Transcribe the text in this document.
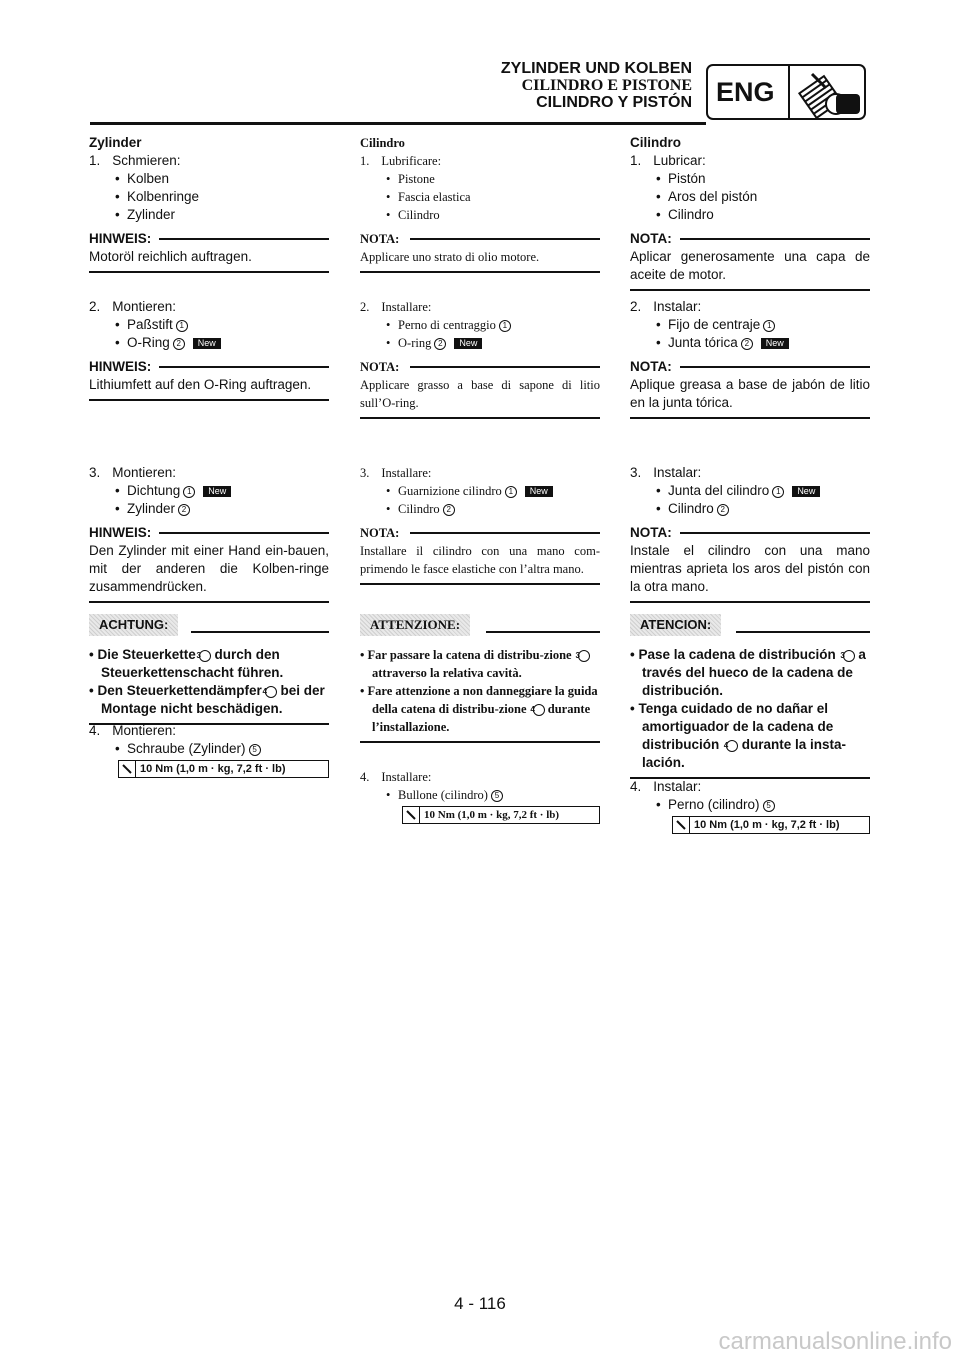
ZYLINDER UND KOLBEN
CILINDRO E PISTONE
CILINDRO Y PISTÓN ENG
Zylinder
1. Schmieren:
• Kolben
• Kolbenringe
• Zylinder
HINWEIS:
Motoröl reichlich auftragen.
2. Montieren:
• Paßstift 1
• O-Ring 2 New
HINWEIS:
Lithiumfett auf den O-Ring auftragen.
3. Montieren:
• Dichtung 1 New
• Zylinder 2
HINWEIS:
Den Zylinder mit einer Hand ein-bauen, mit der anderen die Kolben-ringe zusammendrücken.
ACHTUNG:
• Die Steuerkette3 durch den Steuerkettenschacht führen.
• Den Steuerkettendämpfer4 bei der Montage nicht beschädigen.
4. Montieren:
• Schraube (Zylinder) 5
10 Nm (1,0 m · kg, 7,2 ft · lb)
Cilindro
1. Lubrificare:
• Pistone
• Fascia elastica
• Cilindro
NOTA:
Applicare uno strato di olio motore.
2. Installare:
• Perno di centraggio 1
• O-ring 2 New
NOTA:
Applicare grasso a base di sapone di litio sull’O-ring.
3. Installare:
• Guarnizione cilindro 1 New
• Cilindro 2
NOTA:
Installare il cilindro con una mano com-primendo le fasce elastiche con l’altra mano.
ATTENZIONE:
• Far passare la catena di distribu-zione 3 attraverso la relativa cavità.
• Fare attenzione a non danneggiare la guida della catena di distribu-zione 4 durante l’installazione.
4. Installare:
• Bullone (cilindro) 5
10 Nm (1,0 m · kg, 7,2 ft · lb)
Cilindro
1. Lubricar:
• Pistón
• Aros del pistón
• Cilindro
NOTA:
Aplicar generosamente una capa de aceite de motor.
2. Instalar:
• Fijo de centraje 1
• Junta tórica 2 New
NOTA:
Aplique greasa a base de jabón de litio en la junta tórica.
3. Instalar:
• Junta del cilindro 1 New
• Cilindro 2
NOTA:
Instale el cilindro con una mano mientras aprieta los aros del pistón con la otra mano.
ATENCION:
• Pase la cadena de distribución 3 a través del hueco de la cadena de distribución.
• Tenga cuidado de no dañar el amortiguador de la cadena de distribución 4 durante la insta-lación.
4. Instalar:
• Perno (cilindro) 5
10 Nm (1,0 m · kg, 7,2 ft · lb)
4 - 116
carmanualsonline.info
